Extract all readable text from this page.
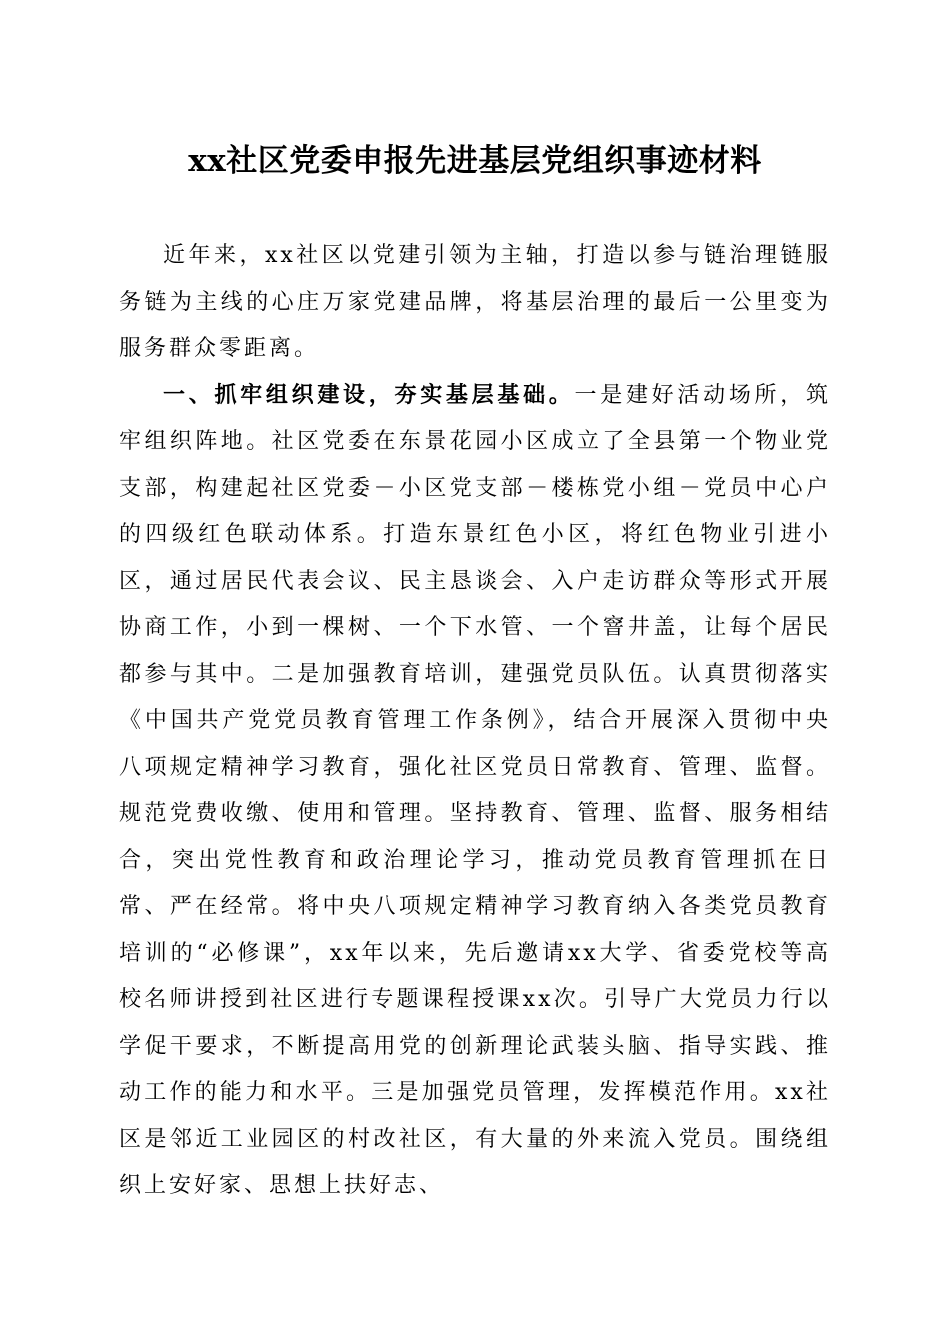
xx社区党委申报先进基层党组织事迹材料

近年来，xx社区以党建引领为主轴，打造以参与链治理链服务链为主线的心庄万家党建品牌，将基层治理的最后一公里变为服务群众零距离。

一、抓牢组织建设，夯实基层基础。一是建好活动场所，筑牢组织阵地。社区党委在东景花园小区成立了全县第一个物业党支部，构建起社区党委－小区党支部－楼栋党小组－党员中心户的四级红色联动体系。打造东景红色小区，将红色物业引进小区，通过居民代表会议、民主恳谈会、入户走访群众等形式开展协商工作，小到一棵树、一个下水管、一个窨井盖，让每个居民都参与其中。二是加强教育培训，建强党员队伍。认真贯彻落实《中国共产党党员教育管理工作条例》，结合开展深入贯彻中央八项规定精神学习教育，强化社区党员日常教育、管理、监督。规范党费收缴、使用和管理。坚持教育、管理、监督、服务相结合，突出党性教育和政治理论学习，推动党员教育管理抓在日常、严在经常。将中央八项规定精神学习教育纳入各类党员教育培训的“必修课”，xx年以来，先后邀请xx大学、省委党校等高校名师讲授到社区进行专题课程授课xx次。引导广大党员力行以学促干要求，不断提高用党的创新理论武装头脑、指导实践、推动工作的能力和水平。三是加强党员管理，发挥模范作用。xx社区是邻近工业园区的村改社区，有大量的外来流入党员。围绕组织上安好家、思想上扶好志、
